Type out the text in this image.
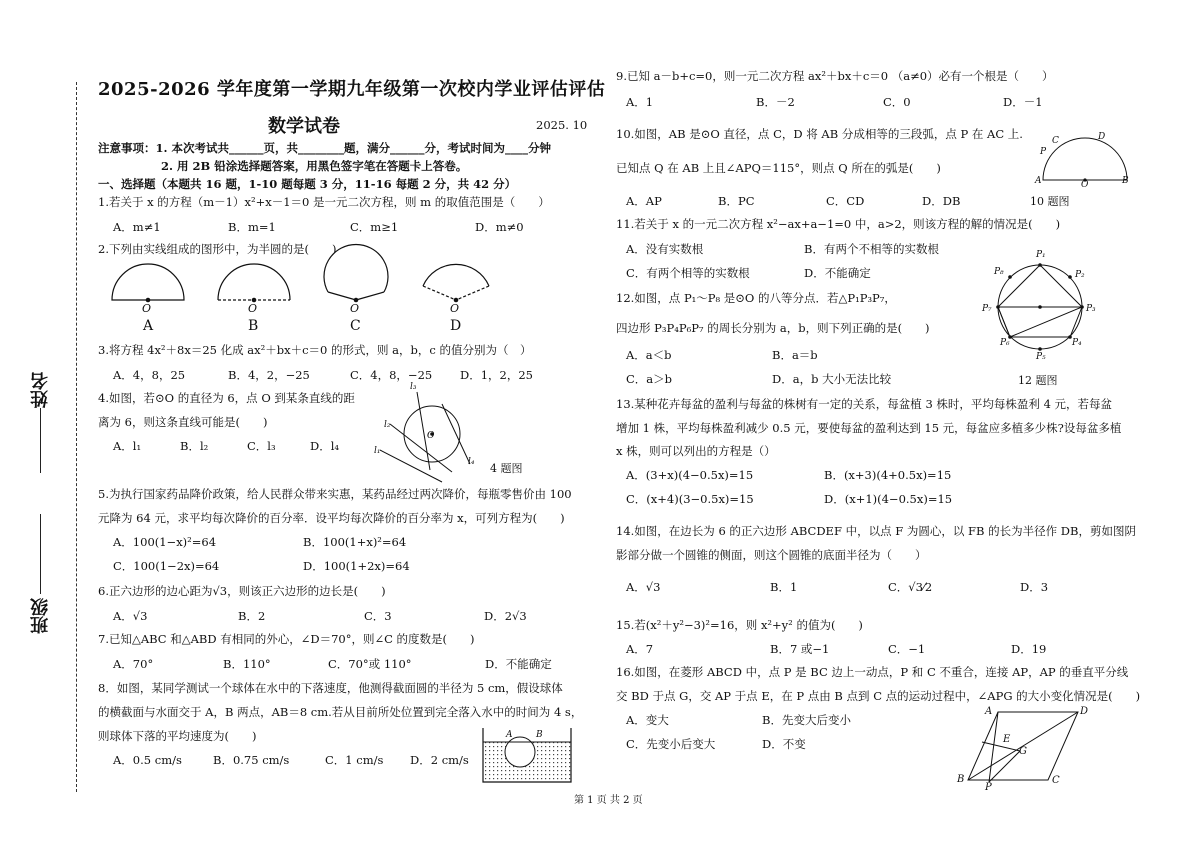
姓名
班级
2025-2026 学年度第一学期九年级第一次校内学业评估评估
数学试卷	2025. 10
注意事项：1. 本次考试共______页，共________题，满分______分，考试时间为____分钟
2. 用 2B 铅涂选择题答案，用黑色签字笔在答题卡上答卷。
一、选择题（本题共 16 题，1-10 题每题 3 分，11-16 每题 2 分，共 42 分）
1.若关于 x 的方程（m－1）x²+x－1＝0 是一元二次方程，则 m 的取值范围是（　　）
A．m≠1	B．m=1	C．m≥1	D．m≠0
2.下列由实线组成的图形中，为半圆的是(　　)
O	O	O	O
A	B	C	D
3.将方程 4x²＋8x＝25 化成 ax²＋bx＋c＝0 的形式，则 a，b，c 的值分别为（　）
A．4，8，25	B．4，2，−25	C．4，8，−25 D．1，2，25
4.如图，若⊙O 的直径为 6，点 O 到某条直线的距
离为 6，则这条直线可能是(　　)
A．l₁	B．l₂	C．l₃	D．l₄
O
l₃
l₂
l₁
l₄ 4 题图
5.为执行国家药品降价政策，给人民群众带来实惠，某药品经过两次降价，每瓶零售价由 100
元降为 64 元，求平均每次降价的百分率．设平均每次降价的百分率为 x，可列方程为(　　)
A．100(1−x)²=64	B．100(1+x)²=64
C．100(1−2x)=64	D．100(1+2x)=64
6.正六边形的边心距为√3，则该正六边形的边长是(　　)
A．√3	B．2	C．3	D．2√3
7.已知△ABC 和△ABD 有相同的外心，∠D＝70°，则∠C 的度数是(　　)
A．70°	B．110°	C．70°或 110°	D．不能确定
8．如图，某同学测试一个球体在水中的下落速度，他测得截面圆的半径为 5 cm，假设球体
的横截面与水面交于 A，B 两点，AB＝8 cm.若从目前所处位置到完全落入水中的时间为 4 s，
则球体下落的平均速度为(　　)
A．0.5 cm/s	B．0.75 cm/s	C．1 cm/s D．2 cm/s
A	B
9.已知 a－b+c=0，则一元二次方程 ax²＋bx＋c＝0 （a≠0）必有一个根是（　　）
A．1	B．－2	C．0	D．－1
10.如图，AB 是⊙O 直径，点 C，D 将 AB 分成相等的三段弧，点 P 在 AC 上.
已知点 Q 在 AB 上且∠APQ＝115°，则点 Q 所在的弧是(　　)
A．AP	B．PC	C．CD	D．DB	10 题图
C	D
P
A	O	B
11.若关于 x 的一元二次方程 x²−ax+a−1=0 中，a>2，则该方程的解的情况是(　　)
A．没有实数根	B．有两个不相等的实数根
C．有两个相等的实数根	D．不能确定
12.如图，点 P₁～P₈ 是⊙O 的八等分点．若△P₁P₃P₇，
四边形 P₃P₄P₆P₇ 的周长分别为 a，b，则下列正确的是(　　)
A．a＜b	B．a＝b
C．a＞b	D．a，b 大小无法比较	12 题图
P₁
P₂
P₃
P₄
P₅
P₆
P₇
P₈
13.某种花卉每盆的盈利与每盆的株树有一定的关系，每盆植 3 株时，平均每株盈利 4 元，若每盆
增加 1 株，平均每株盈利减少 0.5 元，要使每盆的盈利达到 15 元，每盆应多植多少株?设每盆多植
x 株，则可以列出的方程是（）
A．(3+x)(4−0.5x)=15	B．(x+3)(4+0.5x)=15
C．(x+4)(3−0.5x)=15	D．(x+1)(4−0.5x)=15
14.如图，在边长为 6 的正六边形 ABCDEF 中，以点 F 为圆心，以 FB 的长为半径作 DB，剪如图阴
影部分做一个圆锥的侧面，则这个圆锥的底面半径为（　　）
A．√3	B．1	C．√3⁄2	D．3
15.若(x²＋y²−3)²=16，则 x²+y² 的值为(　　)
A．7	B．7 或−1	C．−1	D．19
16.如图，在菱形 ABCD 中，点 P 是 BC 边上一动点，P 和 C 不重合，连接 AP，AP 的垂直平分线
交 BD 于点 G，交 AP 于点 E，在 P 点由 B 点到 C 点的运动过程中，∠APG 的大小变化情况是(　　)
A．变大	B．先变大后变小
C．先变小后变大	D．不变
A	D
E
G
B
P
C
第 1 页 共 2 页
